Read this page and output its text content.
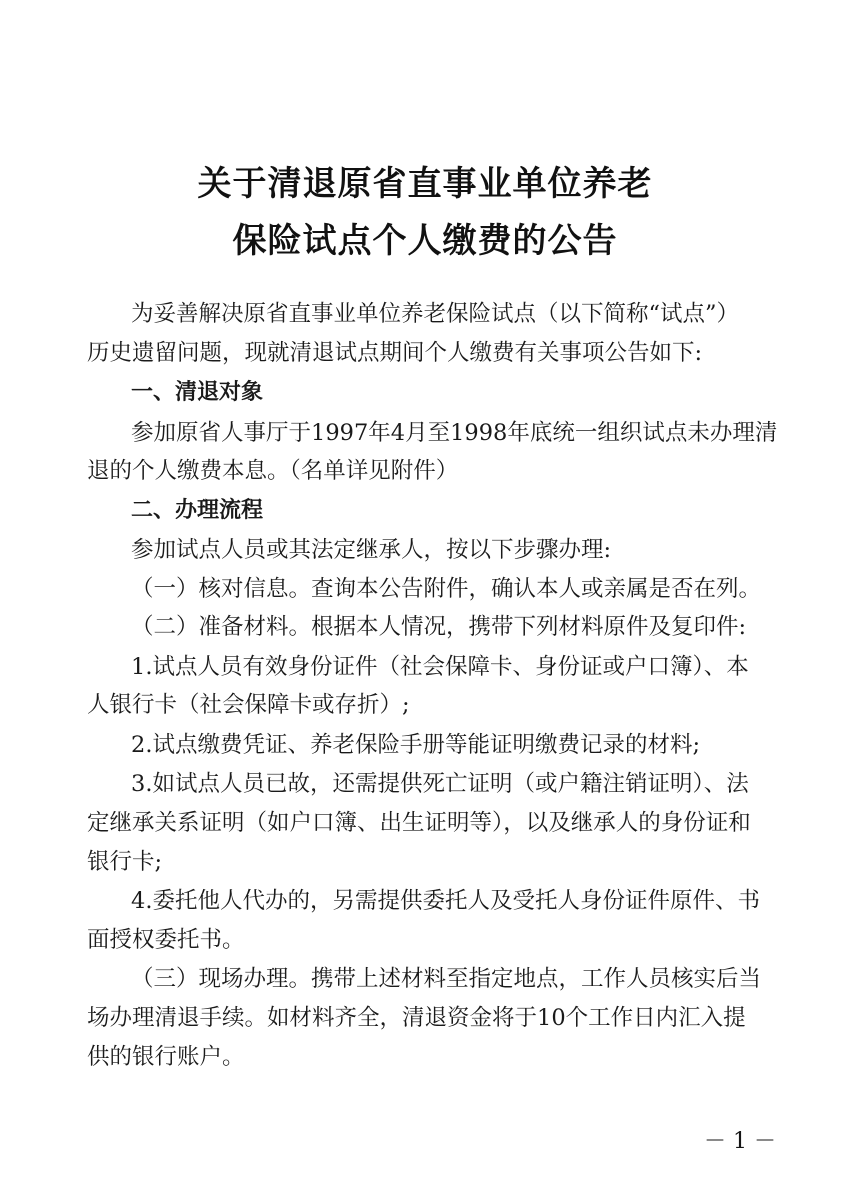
关于清退原省直事业单位养老
保险试点个人缴费的公告
为妥善解决原省直事业单位养老保险试点（以下简称“试点”）
历史遗留问题，现就清退试点期间个人缴费有关事项公告如下:
一、清退对象
参加原省人事厅于1997年4月至1998年底统一组织试点未办理清
退的个人缴费本息。（名单详见附件）
二、办理流程
参加试点人员或其法定继承人，按以下步骤办理:
（一）核对信息。查询本公告附件，确认本人或亲属是否在列。
（二）准备材料。根据本人情况，携带下列材料原件及复印件:
1.试点人员有效身份证件（社会保障卡、身份证或户口簿）、本
人银行卡（社会保障卡或存折）;
2.试点缴费凭证、养老保险手册等能证明缴费记录的材料;
3.如试点人员已故，还需提供死亡证明（或户籍注销证明）、法
定继承关系证明（如户口簿、出生证明等），以及继承人的身份证和
银行卡;
4.委托他人代办的，另需提供委托人及受托人身份证件原件、书
面授权委托书。
（三）现场办理。携带上述材料至指定地点，工作人员核实后当
场办理清退手续。如材料齐全，清退资金将于10个工作日内汇入提
供的银行账户。
－ 1 －
